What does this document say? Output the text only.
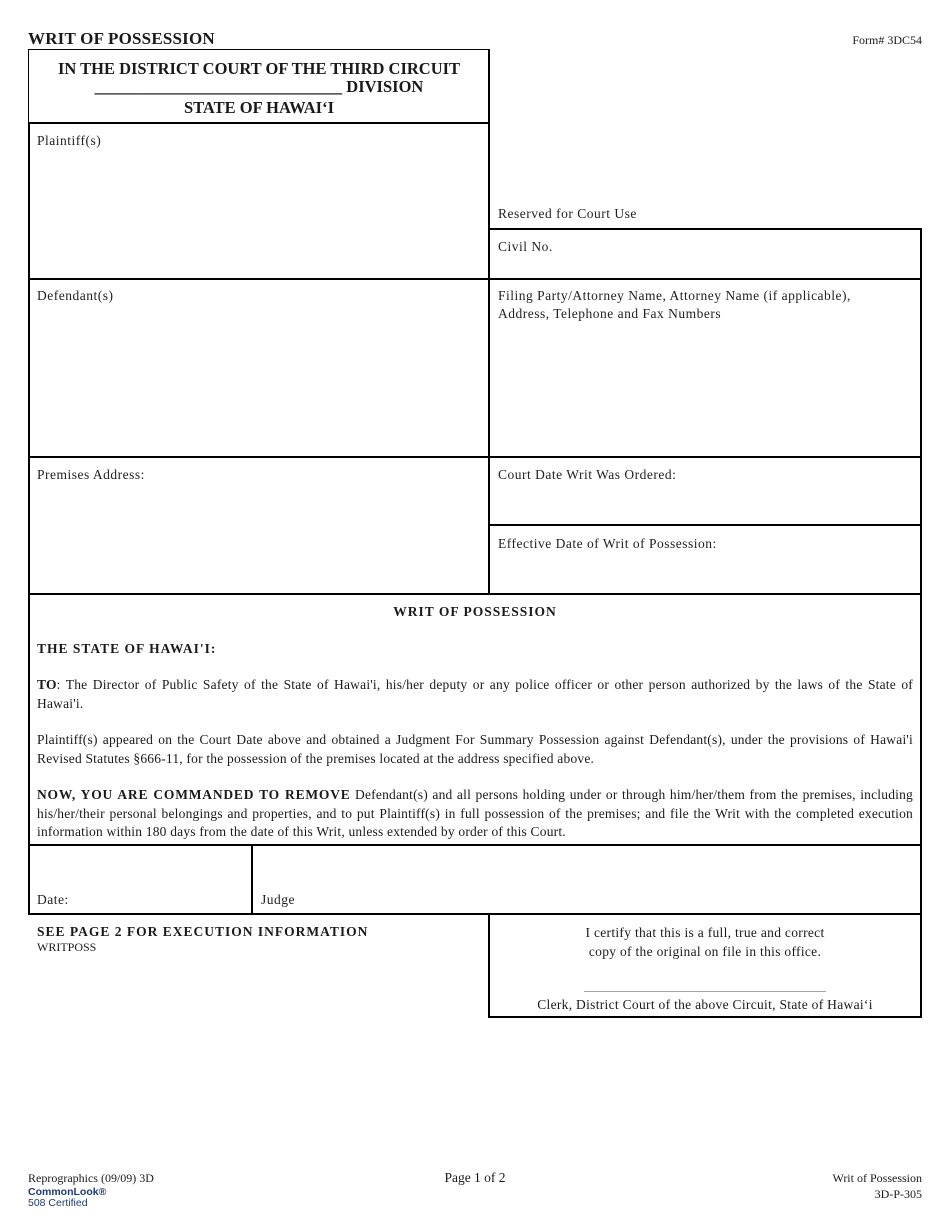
WRIT OF POSSESSION	Form# 3DC54
IN THE DISTRICT COURT OF THE THIRD CIRCUIT
______________________________ DIVISION
STATE OF HAWAIʻI
Plaintiff(s)
Reserved for Court Use
Civil No.
Defendant(s)	Filing Party/Attorney Name, Attorney Name (if applicable),
Address, Telephone and Fax Numbers
Premises Address:	Court Date Writ Was Ordered:
Effective Date of Writ of Possession:
WRIT OF POSSESSION
THE STATE OF HAWAI'I:
TO: The Director of Public Safety of the State of Hawai'i, his/her deputy or any police officer or other person authorized by the laws of the State of Hawai'i.
Plaintiff(s) appeared on the Court Date above and obtained a Judgment For Summary Possession against Defendant(s), under the provisions of Hawai'i Revised Statutes §666-11, for the possession of the premises located at the address specified above.
NOW, YOU ARE COMMANDED TO REMOVE Defendant(s) and all persons holding under or through him/her/them from the premises, including his/her/their personal belongings and properties, and to put Plaintiff(s) in full possession of the premises; and file the Writ with the completed execution information within 180 days from the date of this Writ, unless extended by order of this Court.
Date:	Judge
SEE PAGE 2 FOR EXECUTION INFORMATION
WRITPOSS
I certify that this is a full, true and correct
copy of the original on file in this office.
____________________________________________
Clerk, District Court of the above Circuit, State of Hawaiʻi
Reprographics (09/09) 3D	Page 1 of 2	Writ of Possession
3D-P-305
CommonLook®
508 Certified
